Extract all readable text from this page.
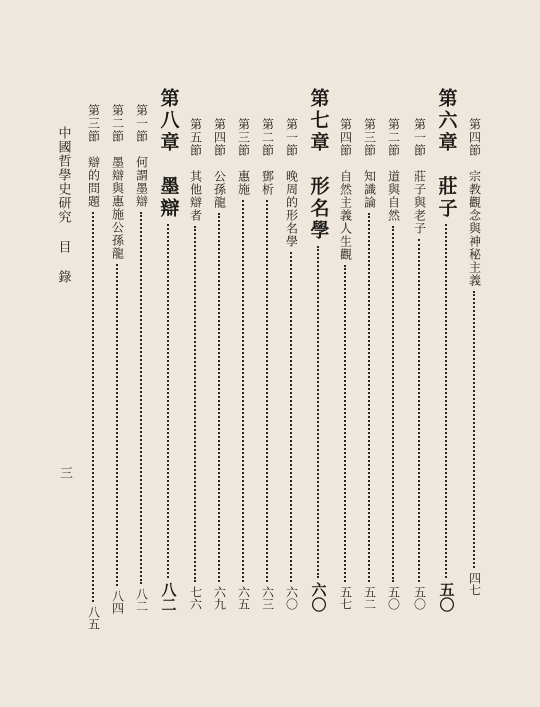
中國哲學史研究
目 錄
三
第四節　宗教觀念與神秘主義
四七
第六章　莊子
五〇
第一節　莊子與老子
五〇
第二節　道與自然
五〇
第三節　知識論
五二
第四節　自然主義人生觀
五七
第七章　形名學
六〇
第一節　晚周的形名學
六〇
第二節　鄧析
六三
第三節　惠施
六五
第四節　公孫龍
六九
第五節　其他辯者
七六
第八章　墨辯
八二
第一節　何謂墨辯
八二
第二節　墨辯與惠施公孫龍
八四
第三節　辯的問題
八五
